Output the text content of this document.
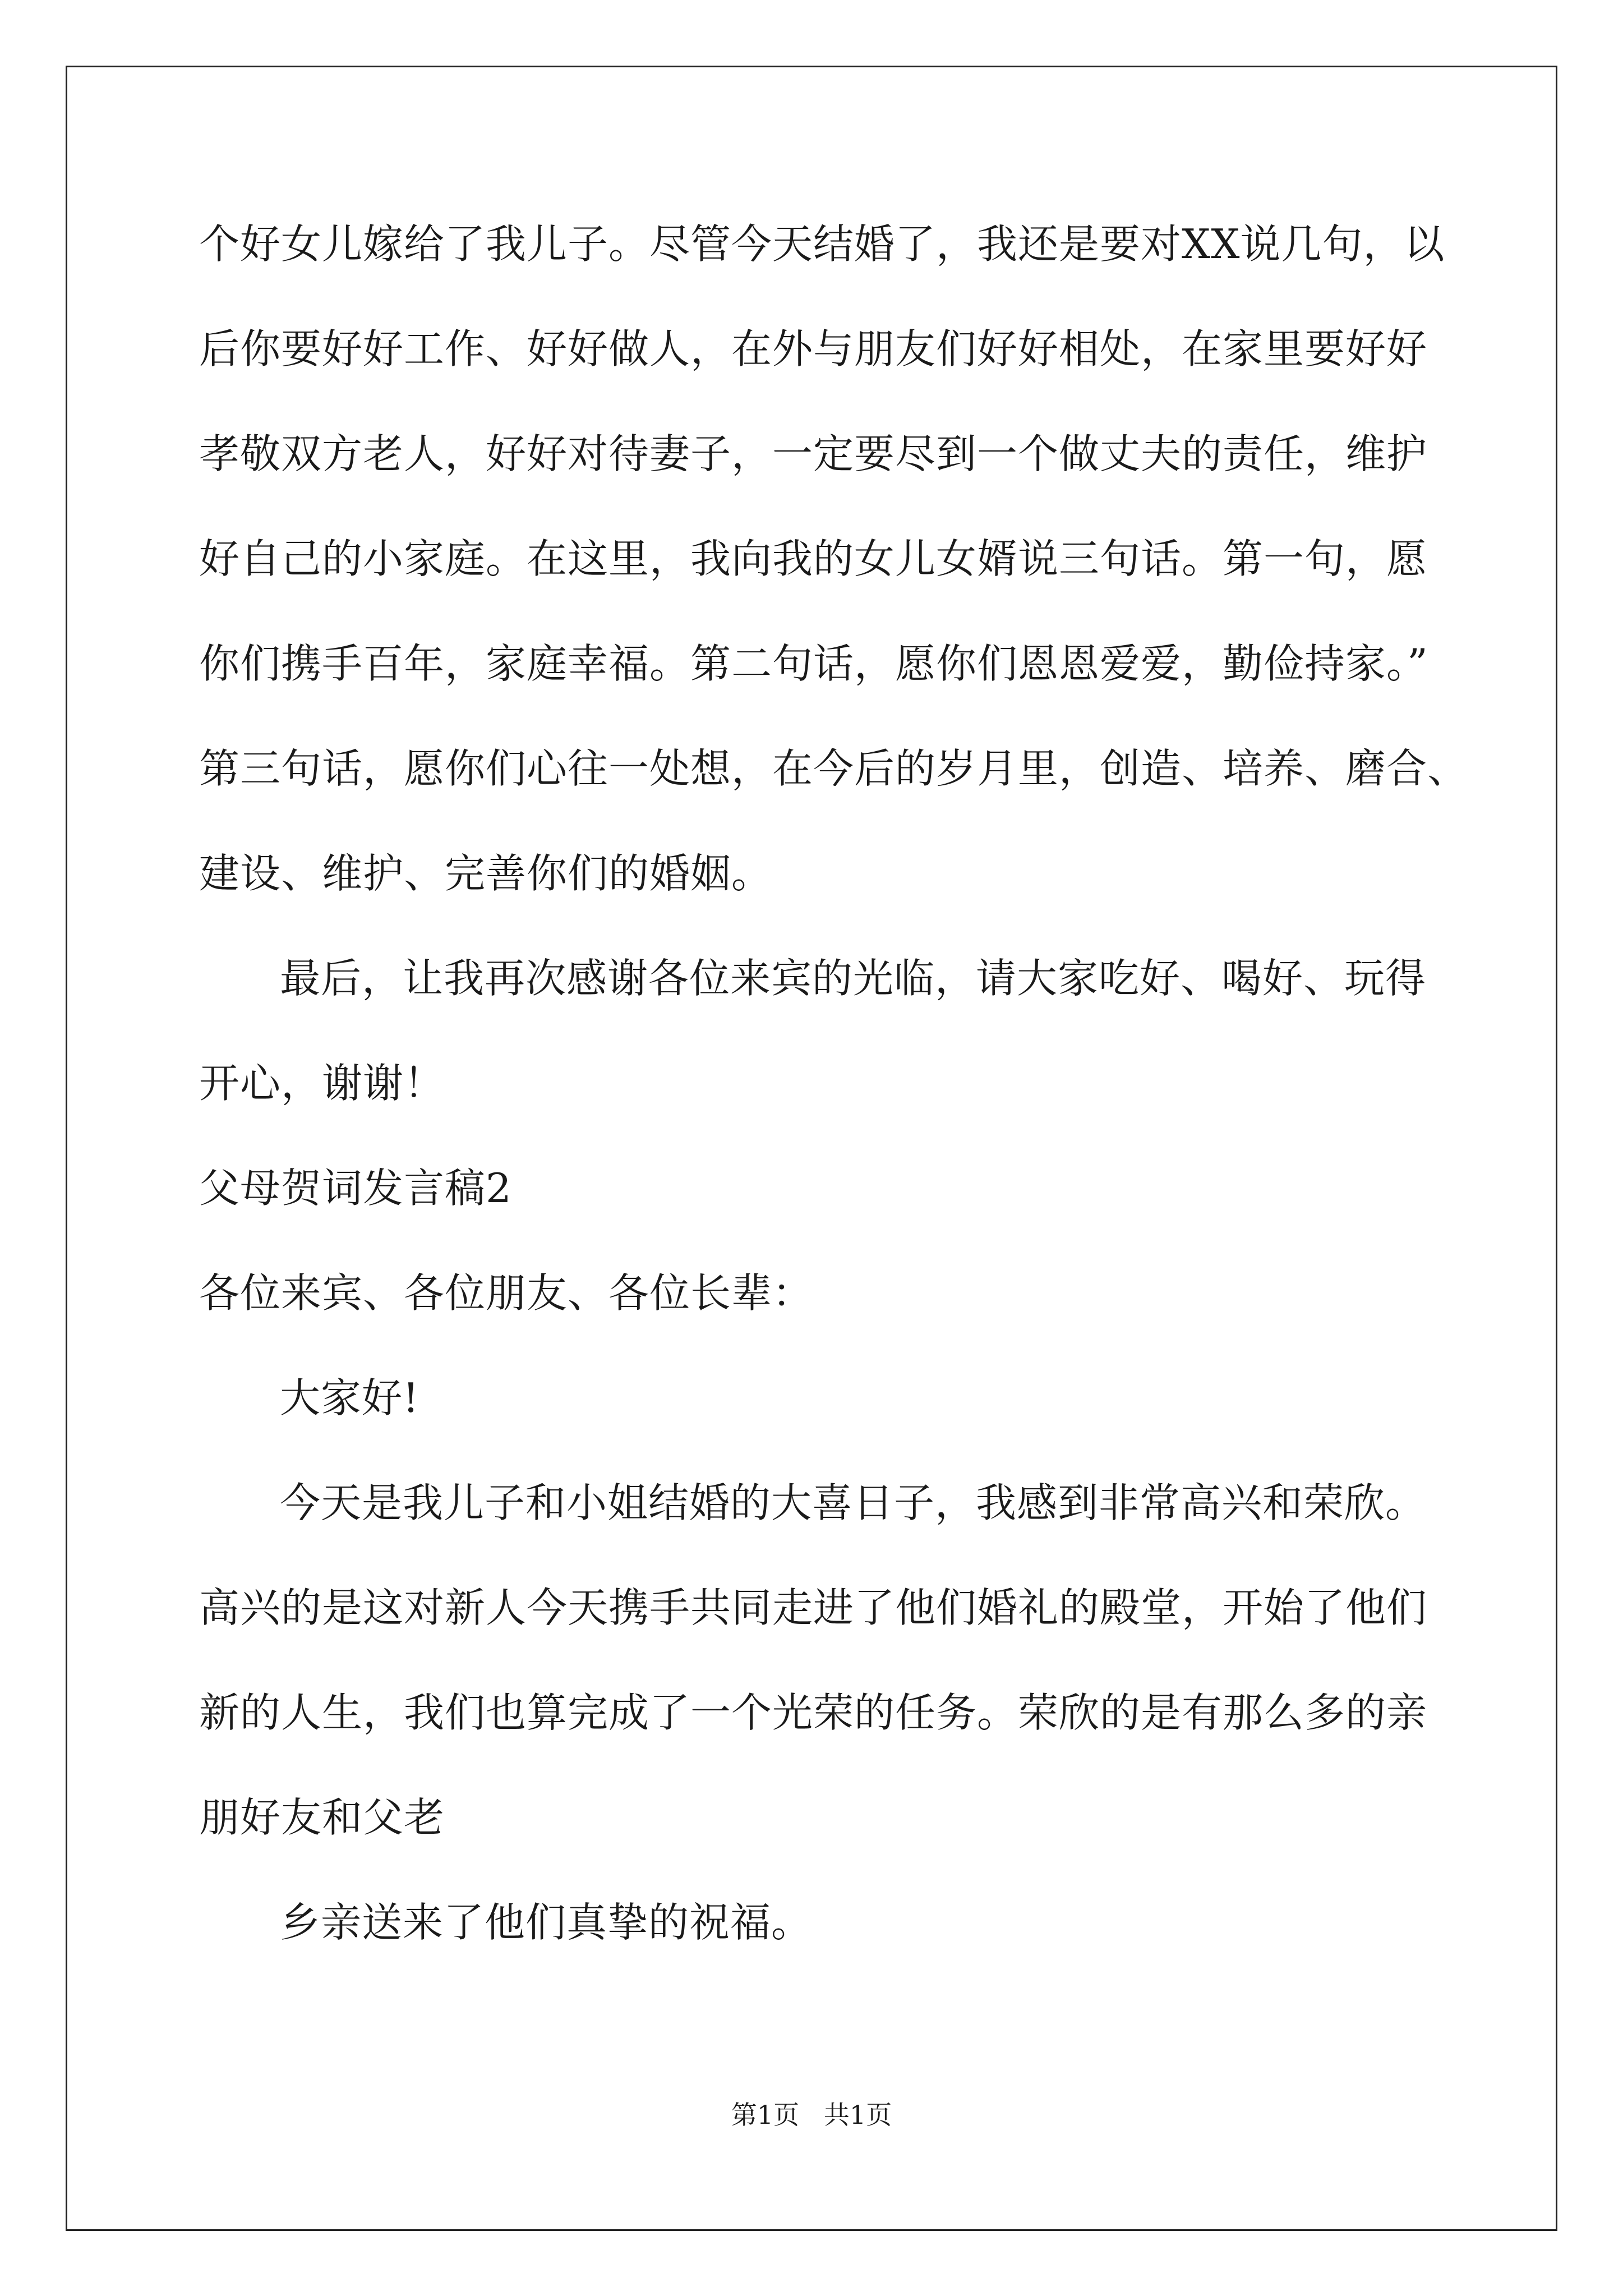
个好女儿嫁给了我儿子。尽管今天结婚了，我还是要对XX说几句，以
后你要好好工作、好好做人，在外与朋友们好好相处，在家里要好好
孝敬双方老人，好好对待妻子，一定要尽到一个做丈夫的责任，维护
好自己的小家庭。在这里，我向我的女儿女婿说三句话。第一句，愿
你们携手百年，家庭幸福。第二句话，愿你们恩恩爱爱，勤俭持家。”
第三句话，愿你们心往一处想，在今后的岁月里，创造、培养、磨合、
建设、维护、完善你们的婚姻。
最后，让我再次感谢各位来宾的光临，请大家吃好、喝好、玩得
开心，谢谢！
父母贺词发言稿2
各位来宾、各位朋友、各位长辈：
大家好!
今天是我儿子和小姐结婚的大喜日子，我感到非常高兴和荣欣。
高兴的是这对新人今天携手共同走进了他们婚礼的殿堂，开始了他们
新的人生，我们也算完成了一个光荣的任务。荣欣的是有那么多的亲
朋好友和父老
乡亲送来了他们真挚的祝福。
第1页   共1页
